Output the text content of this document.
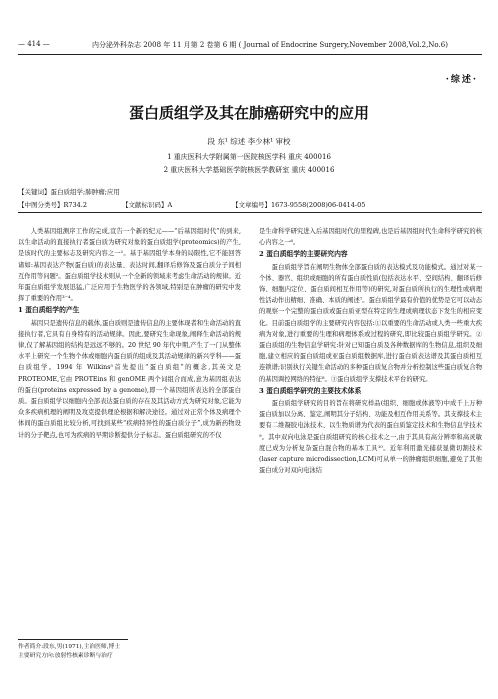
— 414 —	内分泌外科杂志 2008 年 11 月第 2 卷第 6 期 ( Journal of Endocrine Surgery,November 2008,Vol.2,No.6)
·综述·
蛋白质组学及其在肺癌研究中的应用
段 东¹ 综述 李少林¹ 审校
1 重庆医科大学附属第一医院核医学科 重庆 400016
2 重庆医科大学基础医学院核医学教研室 重庆 400016
【关键词】蛋白质组学;肺肿瘤;应用
【中图分类号】R734.2	【文献标识码】A	【文章编号】1673-9558(2008)06-0414-05

人类基因组测序工作的完成,宣告一个新的纪元——“后基因组时代”的到来,以生命活动的直接执行者蛋白质为研究对象的蛋白质组学(proteomics)的产生,是该时代的主要标志及研究内容之一¹。基于基因组学本身的局限性,它不能回答诸如:基因表达产物(蛋白质)的表达量、表达时间,翻译后修饰及蛋白质分子间相互作用等问题²。蛋白质组学技术则从一个全新的领域来考虑生命活动的规律。近年蛋白质组学发展迅猛,广泛应用于生物医学的各领域,特别是在肿瘤的研究中发挥了重要的作用³⁻⁴。

1 蛋白质组学的产生

基因只是遗传信息的载体,蛋白质则是遗传信息的主要体现者和生命活动的直接执行者,它具有自身特有的活动规律。因此,要研究生命现象,阐释生命活动的规律,仅了解基因组的结构是远远不够的。20 世纪 90 年代中期,产生了一门从整体水平上研究一个生物个体或细胞内蛋白质的组成及其活动规律的新兴学科——蛋白质组学。1994 年 Wilkins⁵首先提出“蛋白质组”的概念,其英文是 PROTEOME,它由 PROTEins 和 genOME 两个词组合而成,意为基因组表达的蛋白(proteins expressed by a genome),即一个基因组所表达的全部蛋白质。蛋白质组学以细胞内全部表达蛋白质的存在及其活动方式为研究对象,它能为众多疾病机理的阐明及攻克提供理论根据和解决途径。通过对正常个体及病理个体间的蛋白质组比较分析,可找到某些“疾病特异性的蛋白质分子”,成为新药物设计的分子靶点,也可为疾病的早期诊断提供分子标志。蛋白质组研究的不仅

是生命科学研究进入后基因组时代的里程碑,也是后基因组时代生命科学研究的核心内容之一⁶。

2 蛋白质组学的主要研究内容

蛋白质组学旨在阐明生物体全部蛋白质的表达模式及功能模式。通过对某一个体、器官、组织或细胞的所有蛋白质性质(包括表达水平、空间结构、翻译后修饰、细胞内定位、蛋白质间相互作用等)的研究,对蛋白质所执行的生理性或病理性活动作出精细、准确、本质的阐述⁷。蛋白质组学最有价值的优势是它可以动态的观察一个完整的蛋白质或蛋白质亚型在特定的生理或病理状态下发生的相应变化。目前蛋白质组学的主要研究内容包括:①以重要的生命活动或人类一些重大疾病为对象,进行重要的生理和病理体系或过程的研究,即比较蛋白质组学研究。②蛋白质组的生物信息学研究:针对已知蛋白质及各种数据库的生物信息,组织及细胞,建立相应的蛋白质组或亚蛋白质组数据库,进行蛋白质表达谱及其蛋白质相互连锁谱;识别执行关键生命活动的多种蛋白质复合物并分析控制这些蛋白质复合物的基因调控网络的特征⁸。③蛋白质组学支撑技术平台的研究。

3 蛋白质组学研究的主要技术体系

蛋白质组学研究的目的旨在将研究样品(组织、细胞或体液等)中成千上万种蛋白质加以分离、鉴定,阐明其分子结构、功能及相互作用关系等。其支撑技术主要有二维凝胶电泳技术、以生物质谱为代表的蛋白质鉴定技术和生物信息学技术⁹。其中双向电泳是蛋白质组研究的核心技术之一,由于其具有高分辨率和高灵敏度已成为分析复杂蛋白混合物的基本工具¹⁰。近年利用激光捕获显微切割技术(laser capture microdissection,LCM)可从单一的肿瘤组织细胞,避免了其他蛋白成分对双向电泳结

作者简介:段东,男(1971),主治医师,博士
主要研究方向:放射性核素诊断与治疗
